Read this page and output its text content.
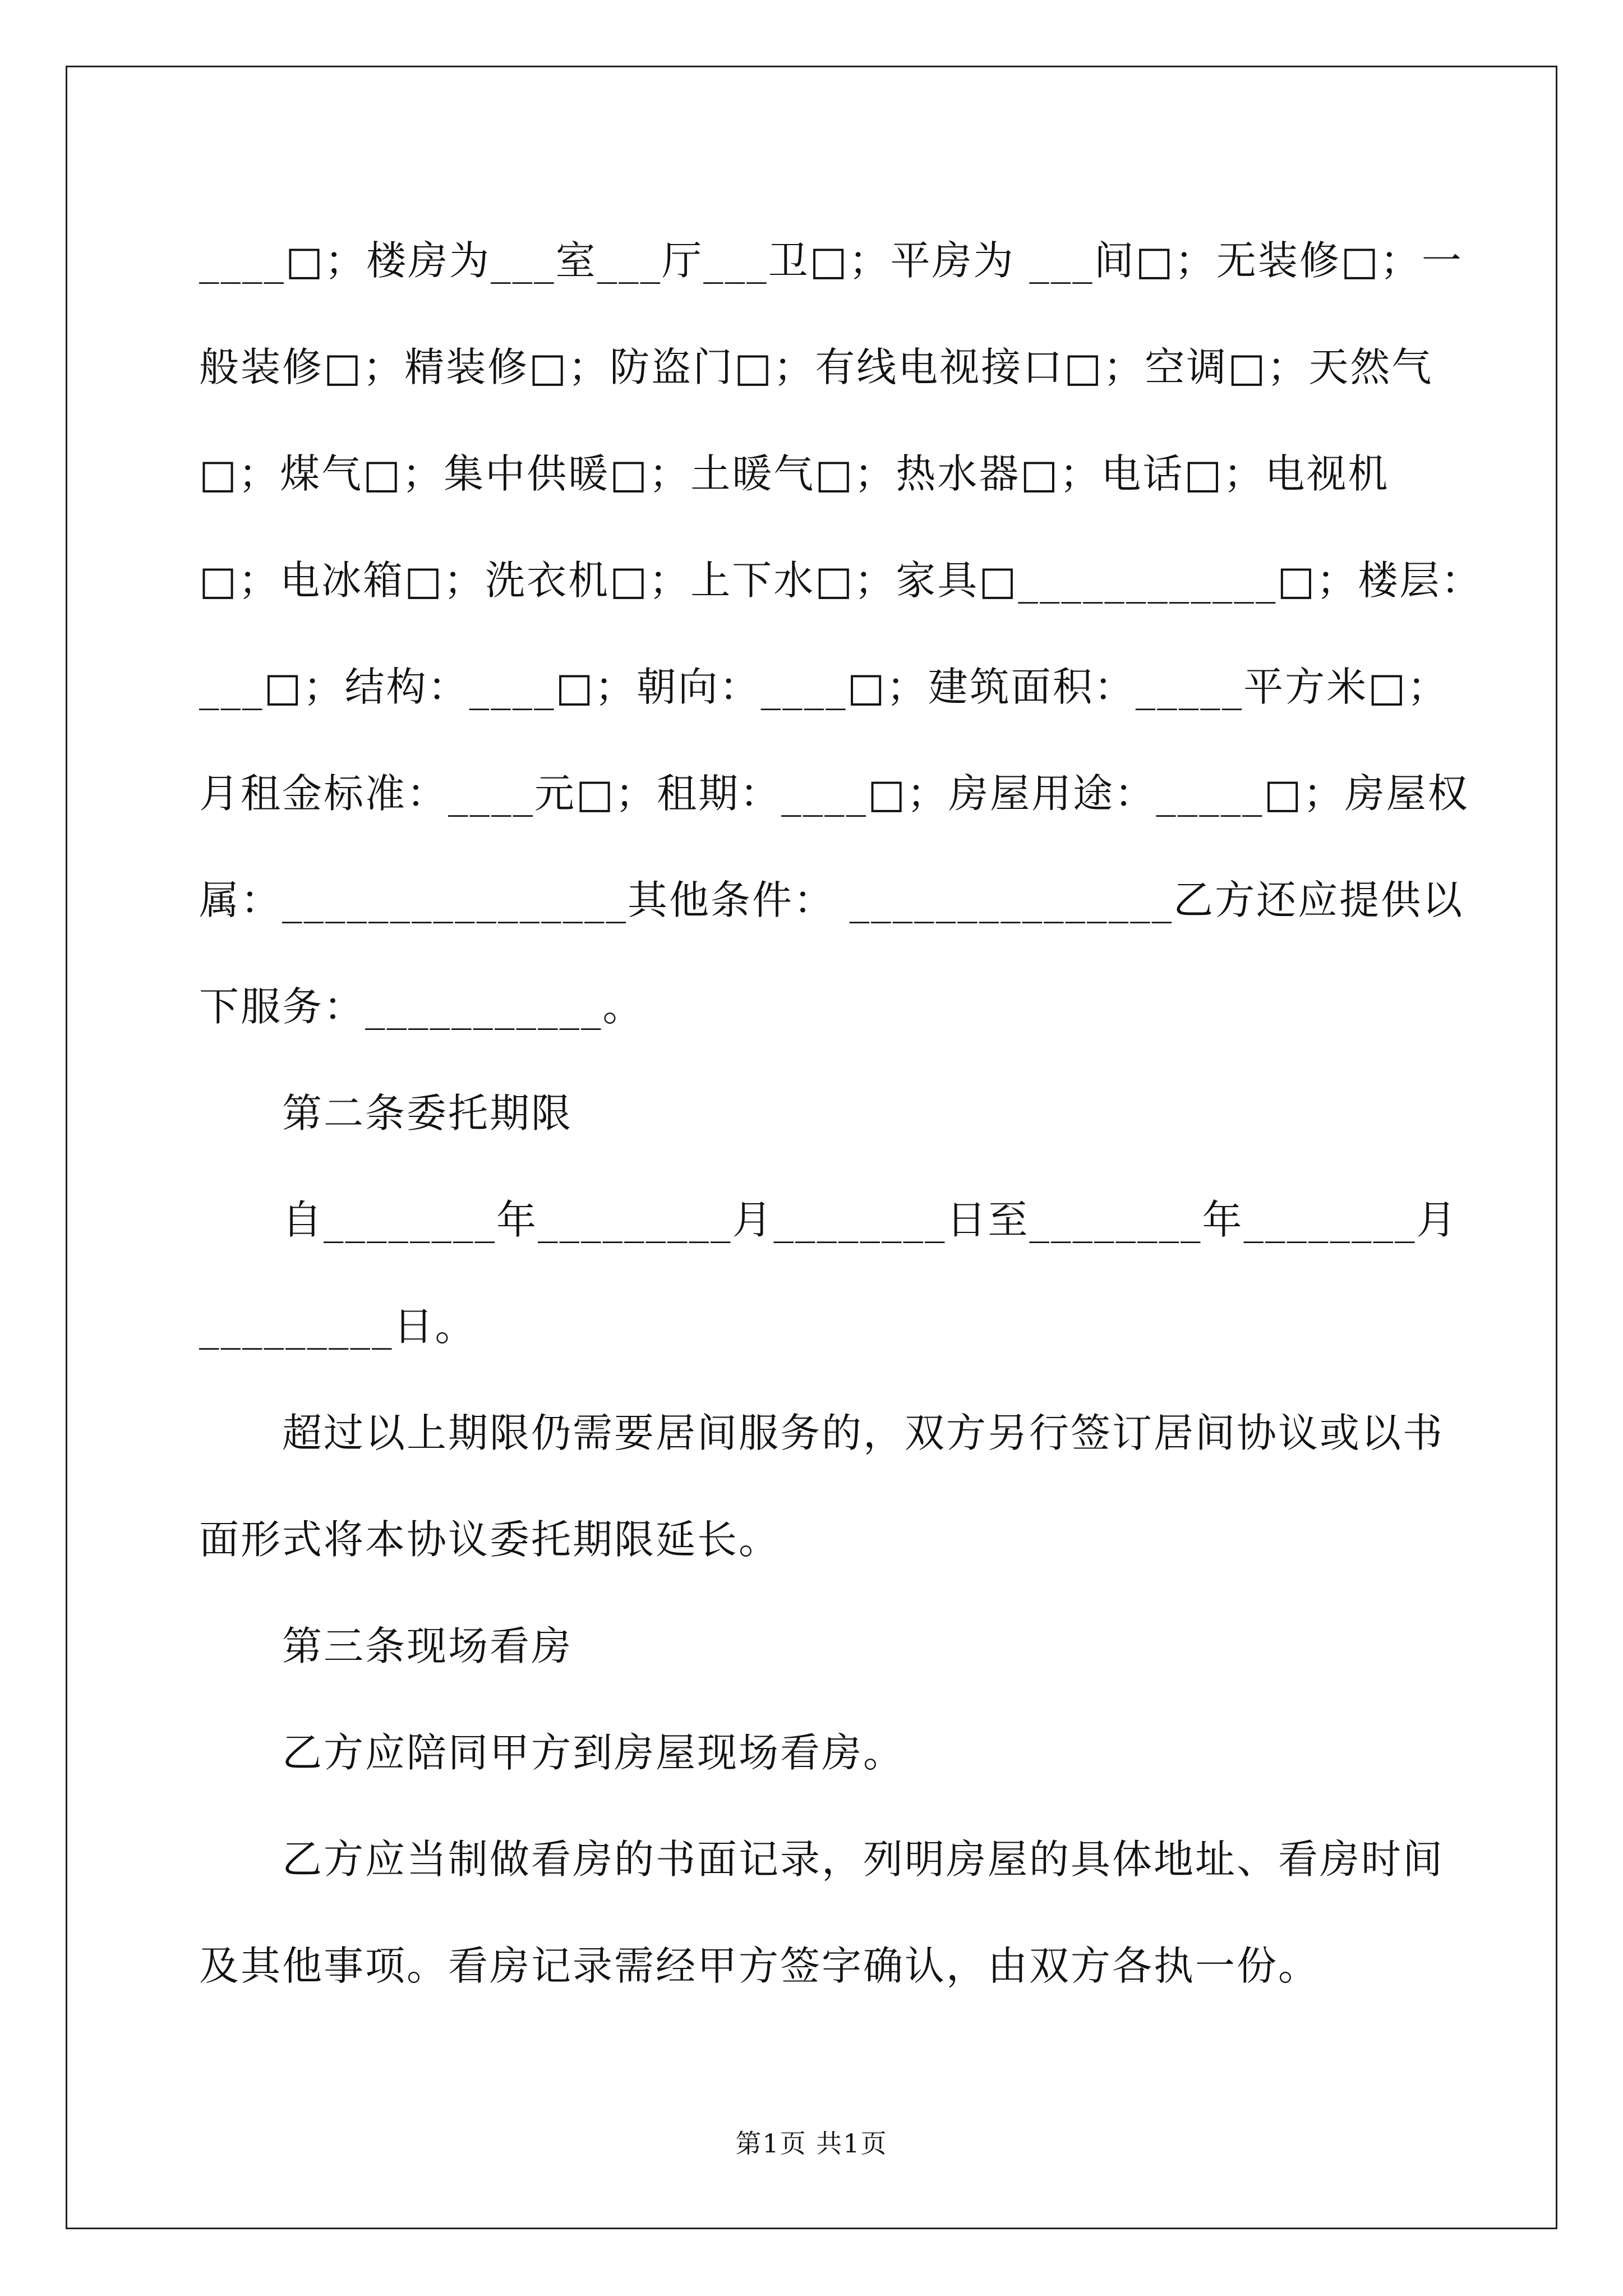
____□；楼房为___室___厅___卫□；平房为 ___间□；无装修□；一
般装修□；精装修□；防盗门□；有线电视接口□；空调□；天然气
□；煤气□；集中供暖□；土暖气□；热水器□；电话□；电视机
□；电冰箱□；洗衣机□；上下水□；家具□____________□；楼层：
___□；结构：____□；朝向：____□；建筑面积：_____平方米□；
月租金标准：____元□；租期：____□；房屋用途：_____□；房屋权
属：________________其他条件： _______________乙方还应提供以
下服务：___________。
第二条委托期限
自________年_________月________日至________年________月
_________日。
超过以上期限仍需要居间服务的，双方另行签订居间协议或以书
面形式将本协议委托期限延长。
第三条现场看房
乙方应陪同甲方到房屋现场看房。
乙方应当制做看房的书面记录，列明房屋的具体地址、看房时间
及其他事项。看房记录需经甲方签字确认，由双方各执一份。
第1页 共1页
